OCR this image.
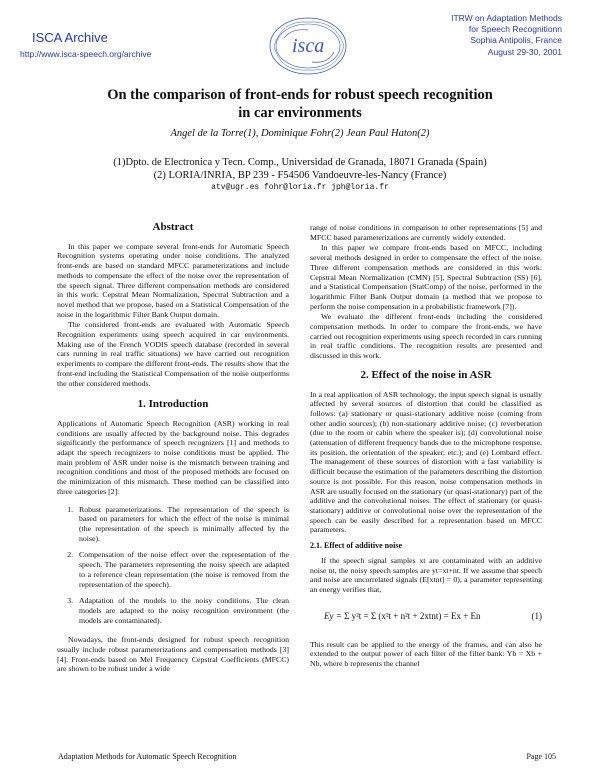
ISCA Archive
http://www.isca-speech.org/archive	isca
ITRW on Adaptation Methods
for Speech Recognitionn
Sophia Antipolis, France
August 29-30, 2001
On the comparison of front-ends for robust speech recognition
in car environments
Angel de la Torre(1), Dominique Fohr(2) Jean Paul Haton(2)
(1)Dpto. de Electronica y Tecn. Comp., Universidad de Granada, 18071 Granada (Spain)
(2) LORIA/INRIA, BP 239 - F54506 Vandoeuvre-les-Nancy (France)
atv@ugr.es fohr@loria.fr jph@loria.fr
Abstract

In this paper we compare several front-ends for Automatic Speech Recognition systems operating under noise conditions. The analyzed front-ends are based on standard MFCC parameterizations and include methods to compensate the effect of the noise over the representation of the speech signal. Three different compensation methods are considered in this work: Cepstral Mean Normalization, Spectral Subtraction and a novel method that we propose, based on a Statistical Compensation of the noise in the logarithmic Filter Bank Output domain.

The considered front-ends are evaluated with Automatic Speech Recognition experiments using speech acquired in car environments. Making use of the French VODIS speech database (recorded in several cars running in real traffic situations) we have carried out recognition experiments to compare the different front-ends. The results show that the front-end including the Statistical Compensation of the noise outperforms the other considered methods.

1. Introduction

Applications of Automatic Speech Recognition (ASR) working in real conditions are usually affected by the background noise. This degrades significantly the performance of speech recognizers [1] and methods to adapt the speech recognizers to noise conditions must be applied. The main problem of ASR under noise is the mismatch between training and recognition conditions and most of the proposed methods are focused on the minimization of this mismatch. These method can be classified into three categories [2]:

1. Robust parameterizations. The representation of the speech is based on parameters for which the effect of the noise is minimal (the representation of the speech is minimally affected by the noise).
2. Compensation of the noise effect over the representation of the speech. The parameters representing the noisy speech are adapted to a reference clean representation (the noise is removed from the representation of the speech).
3. Adaptation of the models to the noisy conditions. The clean models are adapted to the noisy recognition environment (the models are contaminated).

Nowadays, the front-ends designed for robust speech recognition usually include robust parameterizations and compensation methods [3] [4]. Front-ends based on Mel Frequency Cepstral Coefficients (MFCC) are shown to be robust under a wide

range of noise conditions in comparison to other representations [5] and MFCC based parameterizations are currently widely extended.

In this paper we compare front-ends based on MFCC, including several methods designed in order to compensate the effect of the noise. Three different compensation methods are considered in this work: Cepstral Mean Normalization (CMN) [5], Spectral Subtraction (SS) [6], and a Statistical Compensation (StatComp) of the noise, performed in the logarithmic Filter Bank Output domain (a method that we propose to perform the noise compensation in a probabilistic framework [7]).

We evaluate the different front-ends including the considered compensation methods. In order to compare the front-ends, we have carried out recognition experiments using speech recorded in cars running in real traffic conditions. The recognition results are presented and discussed in this work.

2. Effect of the noise in ASR

In a real application of ASR technology, the input speech signal is usually affected by several sources of distortion that could be classified as follows: (a) stationary or quasi-stationary additive noise (coming from other audio sources); (b) non-stationary additive noise; (c) reverberation (due to the room or cabin where the speaker is); (d) convolutional noise (attenuation of different frequency bands due to the microphone response, its position, the orientation of the speaker, etc.); and (e) Lombard effect. The management of these sources of distortion with a fast variability is difficult because the estimation of the parameters describing the distortion source is not possible. For this reason, noise compensation methods in ASR are usually focused on the stationary (or quasi-stationary) part of the additive and the convolutional noises. The effect of stationary (or quasi-stationary) additive or convolutional noise over the representation of the speech can be easily described for a representation based on MFCC parameters.

2.1. Effect of additive noise

If the speech signal samples xt are contaminated with an additive noise nt, the noisy speech samples are yt=xt+nt. If we assume that speech and noise are uncorrelated signals (E[xtnt] = 0), a parameter representing an energy verifies that,

Ey = Σ y²t = Σ (x²t + n²t + 2xtnt) = Ex + En	(1)

This result can be applied to the energy of the frames, and can also be extended to the output power of each filter of the filter bank: Yb = Xb + Nb, where b represents the channel

Adaptation Methods for Automatic Speech Recognition	Page 105
